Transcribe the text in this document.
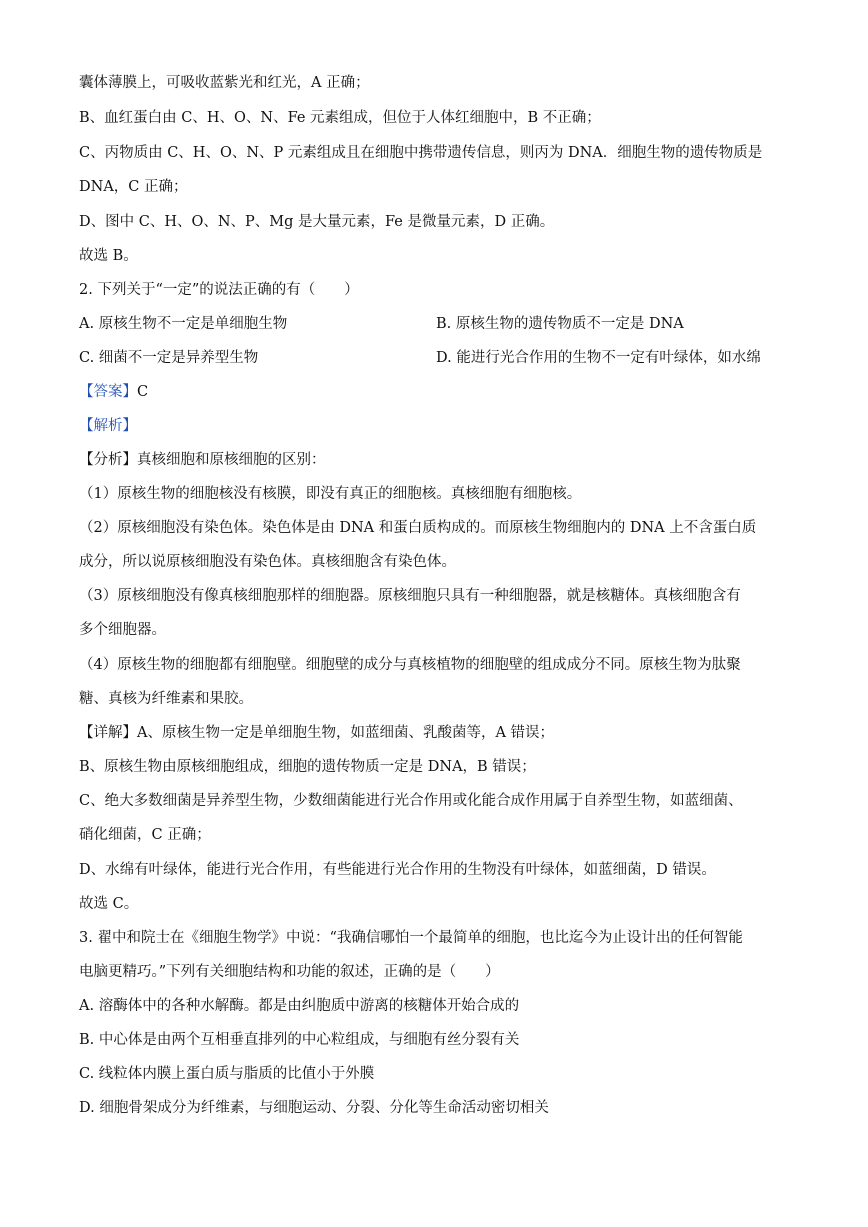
囊体薄膜上，可吸收蓝紫光和红光，A 正确；
B、血红蛋白由 C、H、O、N、Fe 元素组成，但位于人体红细胞中，B 不正确；
C、丙物质由 C、H、O、N、P 元素组成且在细胞中携带遗传信息，则丙为 DNA．细胞生物的遗传物质是
DNA，C 正确；
D、图中 C、H、O、N、P、Mg 是大量元素，Fe 是微量元素，D 正确。
故选 B。
2. 下列关于“一定”的说法正确的有（　　）
A. 原核生物不一定是单细胞生物	B. 原核生物的遗传物质不一定是 DNA
C. 细菌不一定是异养型生物	D. 能进行光合作用的生物不一定有叶绿体，如水绵
【答案】C
【解析】
【分析】真核细胞和原核细胞的区别：
（1）原核生物的细胞核没有核膜，即没有真正的细胞核。真核细胞有细胞核。
（2）原核细胞没有染色体。染色体是由 DNA 和蛋白质构成的。而原核生物细胞内的 DNA 上不含蛋白质
成分，所以说原核细胞没有染色体。真核细胞含有染色体。
（3）原核细胞没有像真核细胞那样的细胞器。原核细胞只具有一种细胞器，就是核糖体。真核细胞含有
多个细胞器。
（4）原核生物的细胞都有细胞壁。细胞壁的成分与真核植物的细胞壁的组成成分不同。原核生物为肽聚
糖、真核为纤维素和果胶。
【详解】A、原核生物一定是单细胞生物，如蓝细菌、乳酸菌等，A 错误；
B、原核生物由原核细胞组成，细胞的遗传物质一定是 DNA，B 错误；
C、绝大多数细菌是异养型生物，少数细菌能进行光合作用或化能合成作用属于自养型生物，如蓝细菌、
硝化细菌，C 正确；
D、水绵有叶绿体，能进行光合作用，有些能进行光合作用的生物没有叶绿体，如蓝细菌，D 错误。
故选 C。
3. 翟中和院士在《细胞生物学》中说：“我确信哪怕一个最简单的细胞，也比迄今为止设计出的任何智能
电脑更精巧。”下列有关细胞结构和功能的叙述，正确的是（　　）
A. 溶酶体中的各种水解酶。都是由纠胞质中游离的核糖体开始合成的
B. 中心体是由两个互相垂直排列的中心粒组成，与细胞有丝分裂有关
C. 线粒体内膜上蛋白质与脂质的比值小于外膜
D. 细胞骨架成分为纤维素，与细胞运动、分裂、分化等生命活动密切相关
